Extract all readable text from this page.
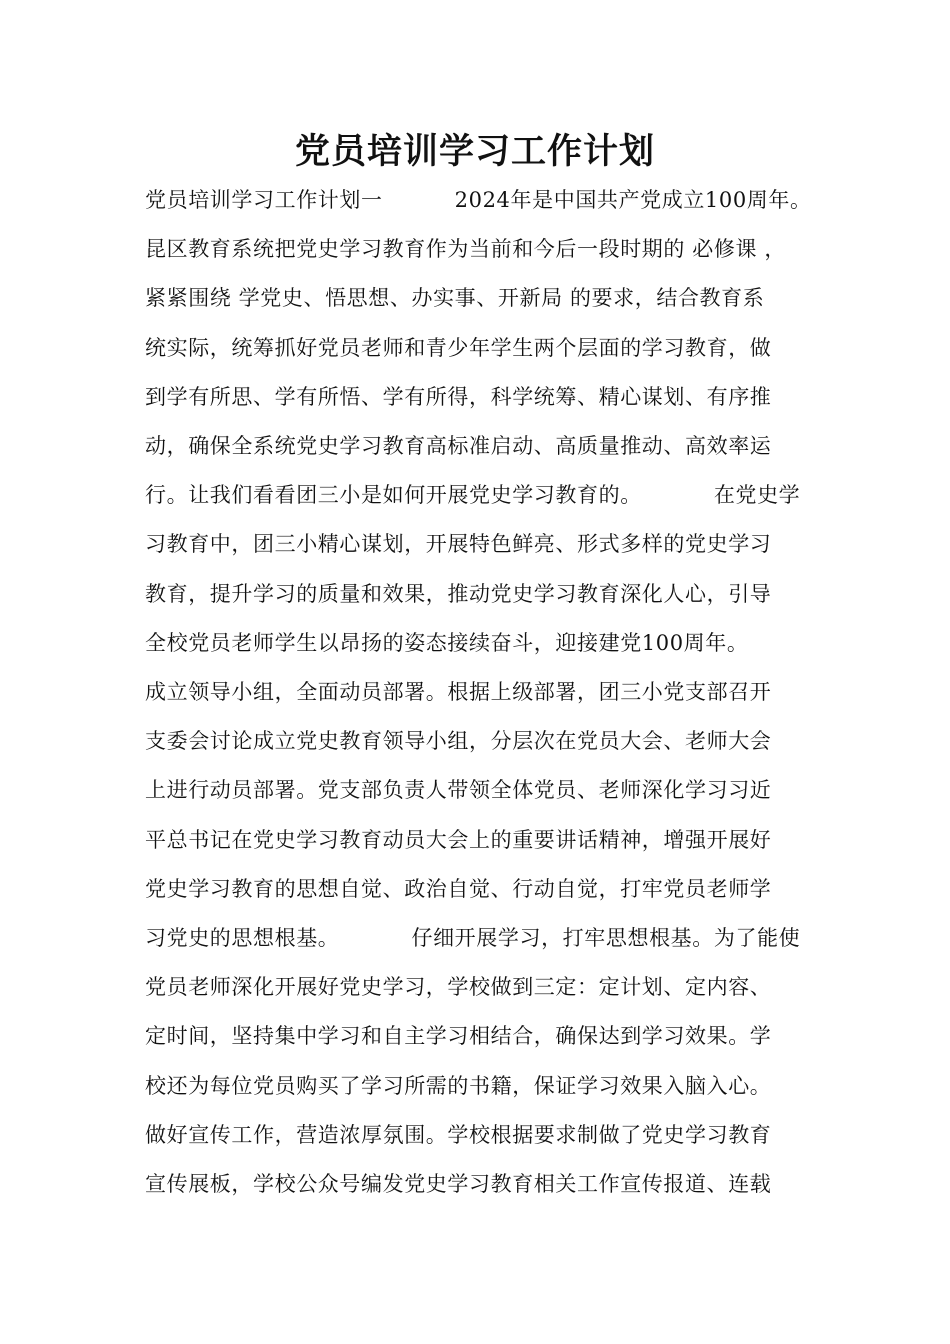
党员培训学习工作计划

党员培训学习工作计划一 　　　2024年是中国共产党成立100周年。

昆区教育系统把党史学习教育作为当前和今后一段时期的 必修课 ，

紧紧围绕 学党史、悟思想、办实事、开新局 的要求，结合教育系

统实际，统筹抓好党员老师和青少年学生两个层面的学习教育，做

到学有所思、学有所悟、学有所得，科学统筹、精心谋划、有序推

动，确保全系统党史学习教育高标准启动、高质量推动、高效率运

行。让我们看看团三小是如何开展党史学习教育的。 　　　在党史学

习教育中，团三小精心谋划，开展特色鲜亮、形式多样的党史学习

教育，提升学习的质量和效果，推动党史学习教育深化人心，引导

全校党员老师学生以昂扬的姿态接续奋斗，迎接建党100周年。

成立领导小组，全面动员部署。根据上级部署，团三小党支部召开

支委会讨论成立党史教育领导小组，分层次在党员大会、老师大会

上进行动员部署。党支部负责人带领全体党员、老师深化学习习近

平总书记在党史学习教育动员大会上的重要讲话精神，增强开展好

党史学习教育的思想自觉、政治自觉、行动自觉，打牢党员老师学

习党史的思想根基。 　　　仔细开展学习，打牢思想根基。为了能使

党员老师深化开展好党史学习，学校做到三定：定计划、定内容、

定时间，坚持集中学习和自主学习相结合，确保达到学习效果。学

校还为每位党员购买了学习所需的书籍，保证学习效果入脑入心。

做好宣传工作，营造浓厚氛围。学校根据要求制做了党史学习教育

宣传展板，学校公众号编发党史学习教育相关工作宣传报道、连载
